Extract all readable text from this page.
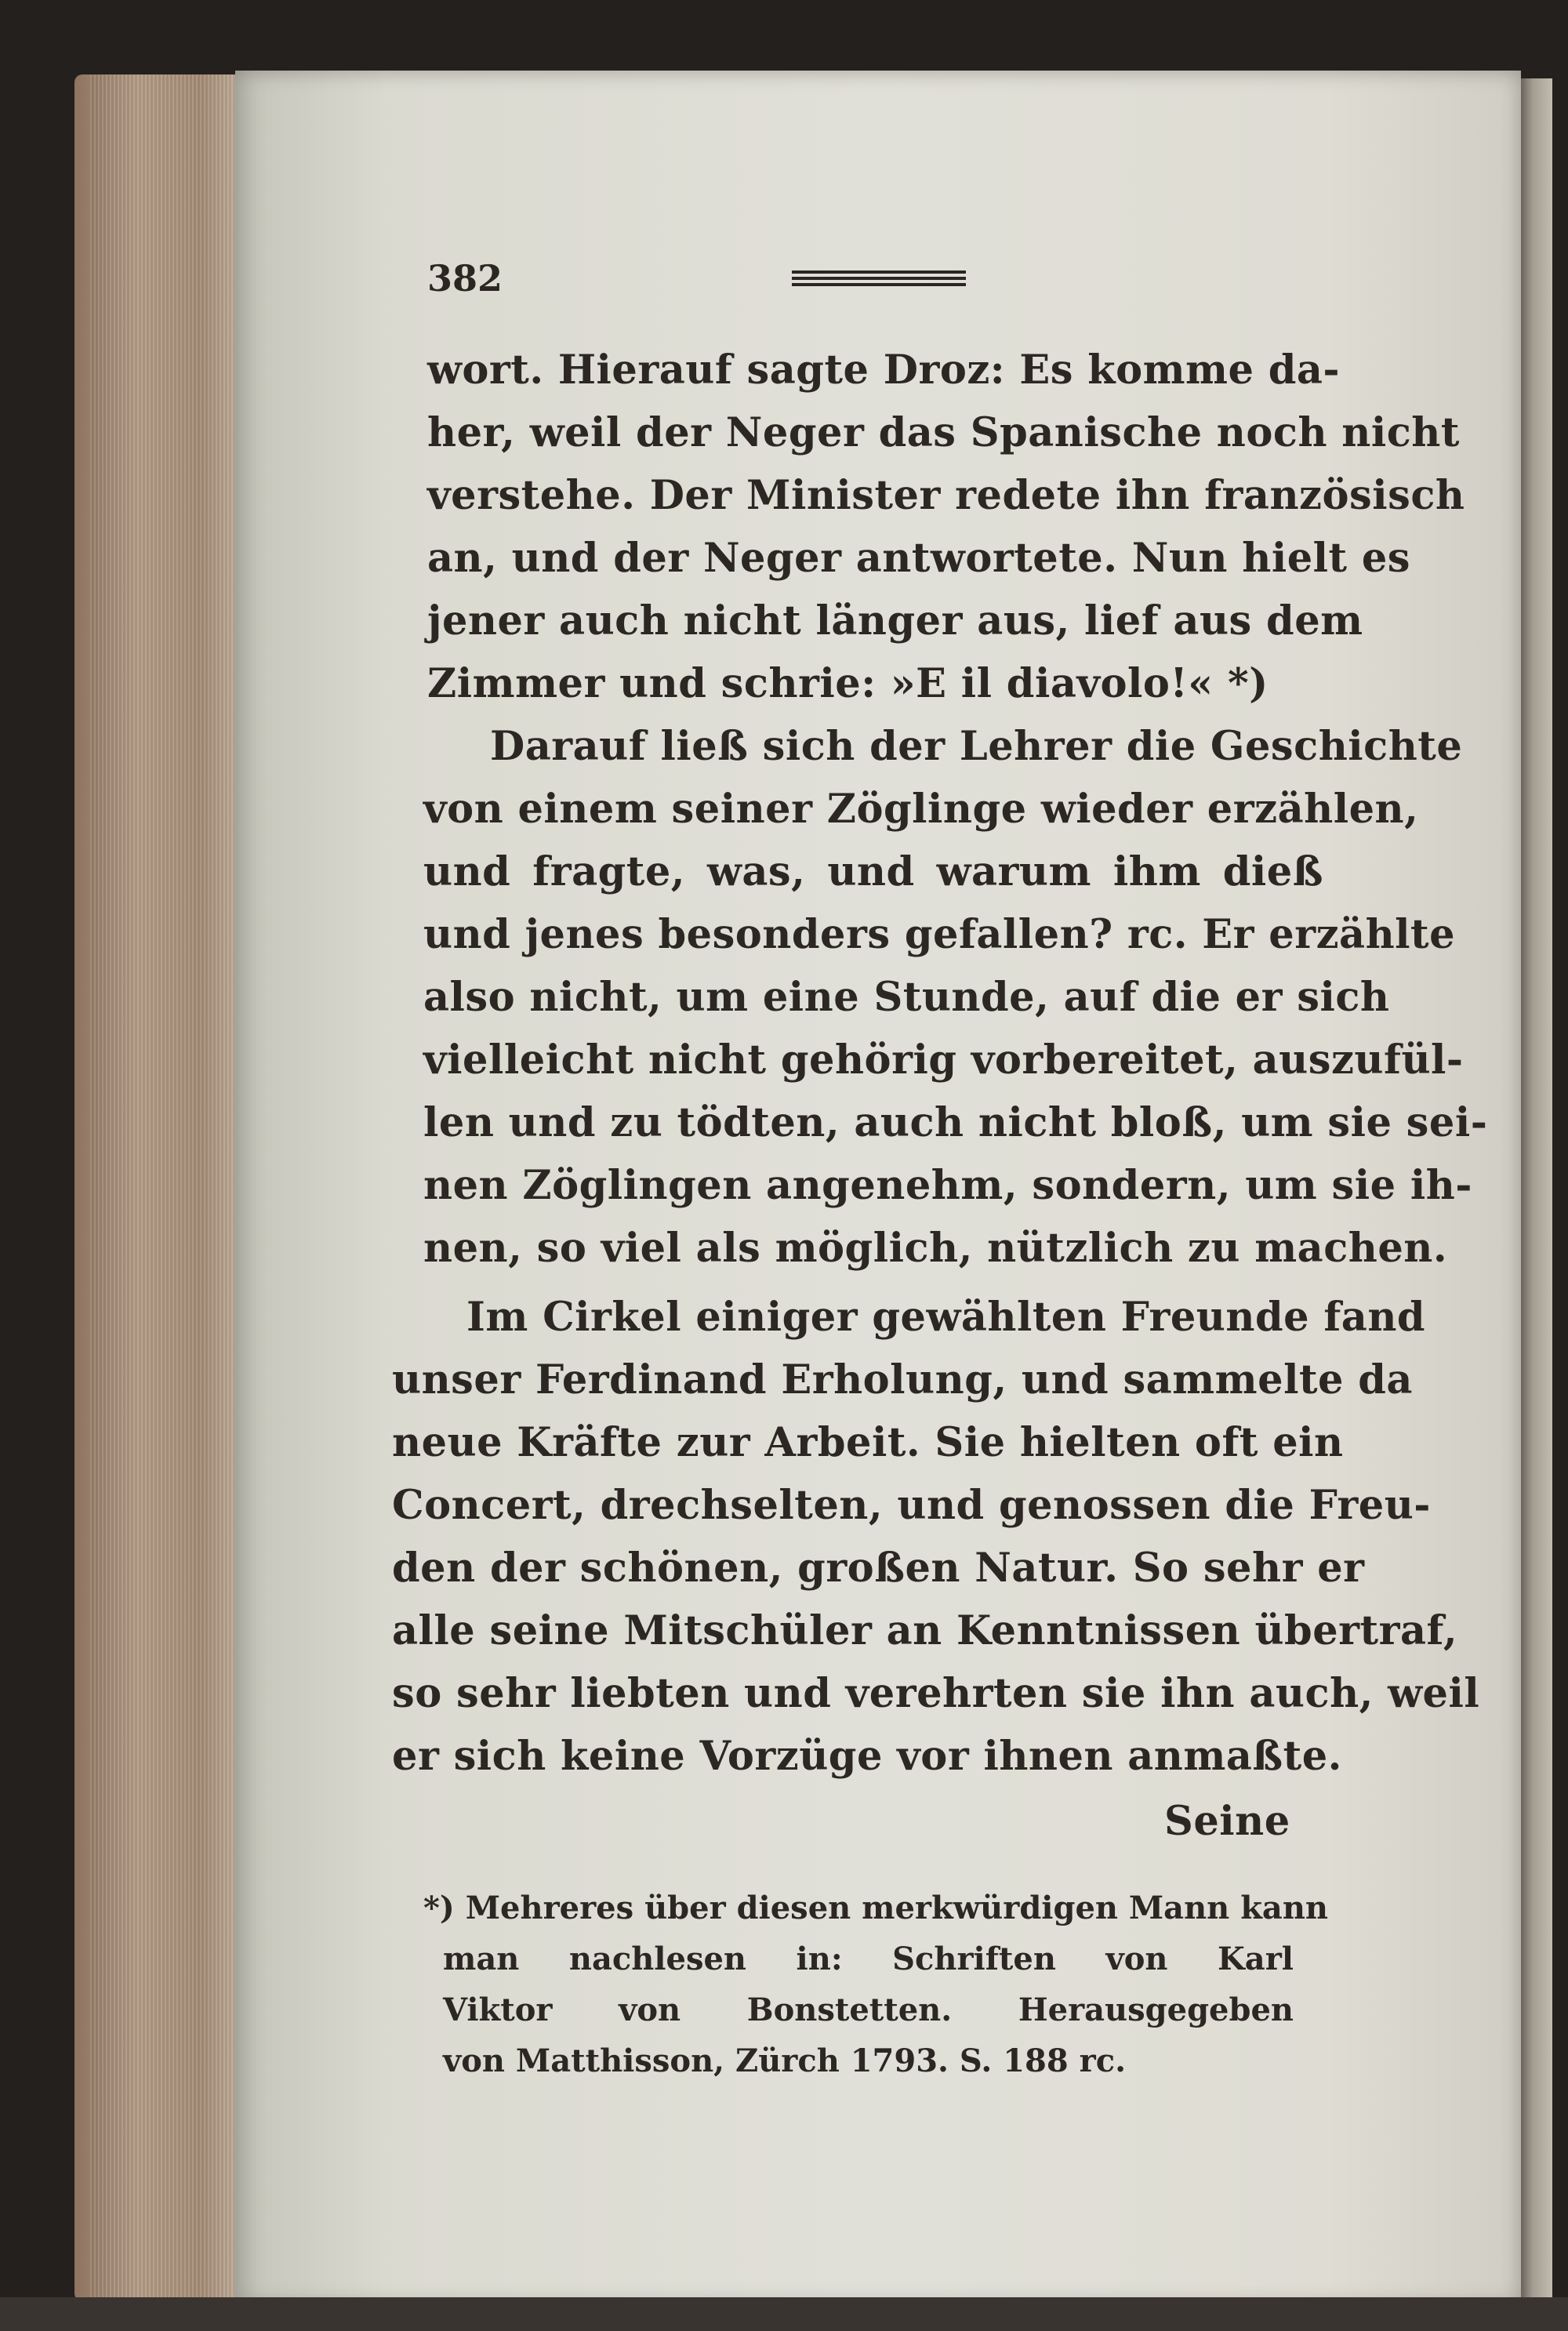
382

wort. Hierauf sagte Droz: Es komme da-

her, weil der Neger das Spanische noch nicht

verstehe. Der Minister redete ihn französisch

an, und der Neger antwortete. Nun hielt es

jener auch nicht länger aus, lief aus dem

Zimmer und schrie: »E il diavolo!« *)

Darauf ließ sich der Lehrer die Geschichte

von einem seiner Zöglinge wieder erzählen,

und fragte, was, und warum ihm dieß

und jenes besonders gefallen? rc. Er erzählte

also nicht, um eine Stunde, auf die er sich

vielleicht nicht gehörig vorbereitet, auszufül-

len und zu tödten, auch nicht bloß, um sie sei-

nen Zöglingen angenehm, sondern, um sie ih-

nen, so viel als möglich, nützlich zu machen.

Im Cirkel einiger gewählten Freunde fand

unser Ferdinand Erholung, und sammelte da

neue Kräfte zur Arbeit. Sie hielten oft ein

Concert, drechselten, und genossen die Freu-

den der schönen, großen Natur. So sehr er

alle seine Mitschüler an Kenntnissen übertraf,

so sehr liebten und verehrten sie ihn auch, weil

er sich keine Vorzüge vor ihnen anmaßte.

Seine

*) Mehreres über diesen merkwürdigen Mann kann

man nachlesen in: Schriften von Karl

Viktor von Bonstetten. Herausgegeben

von Matthisson, Zürch 1793. S. 188 rc.
